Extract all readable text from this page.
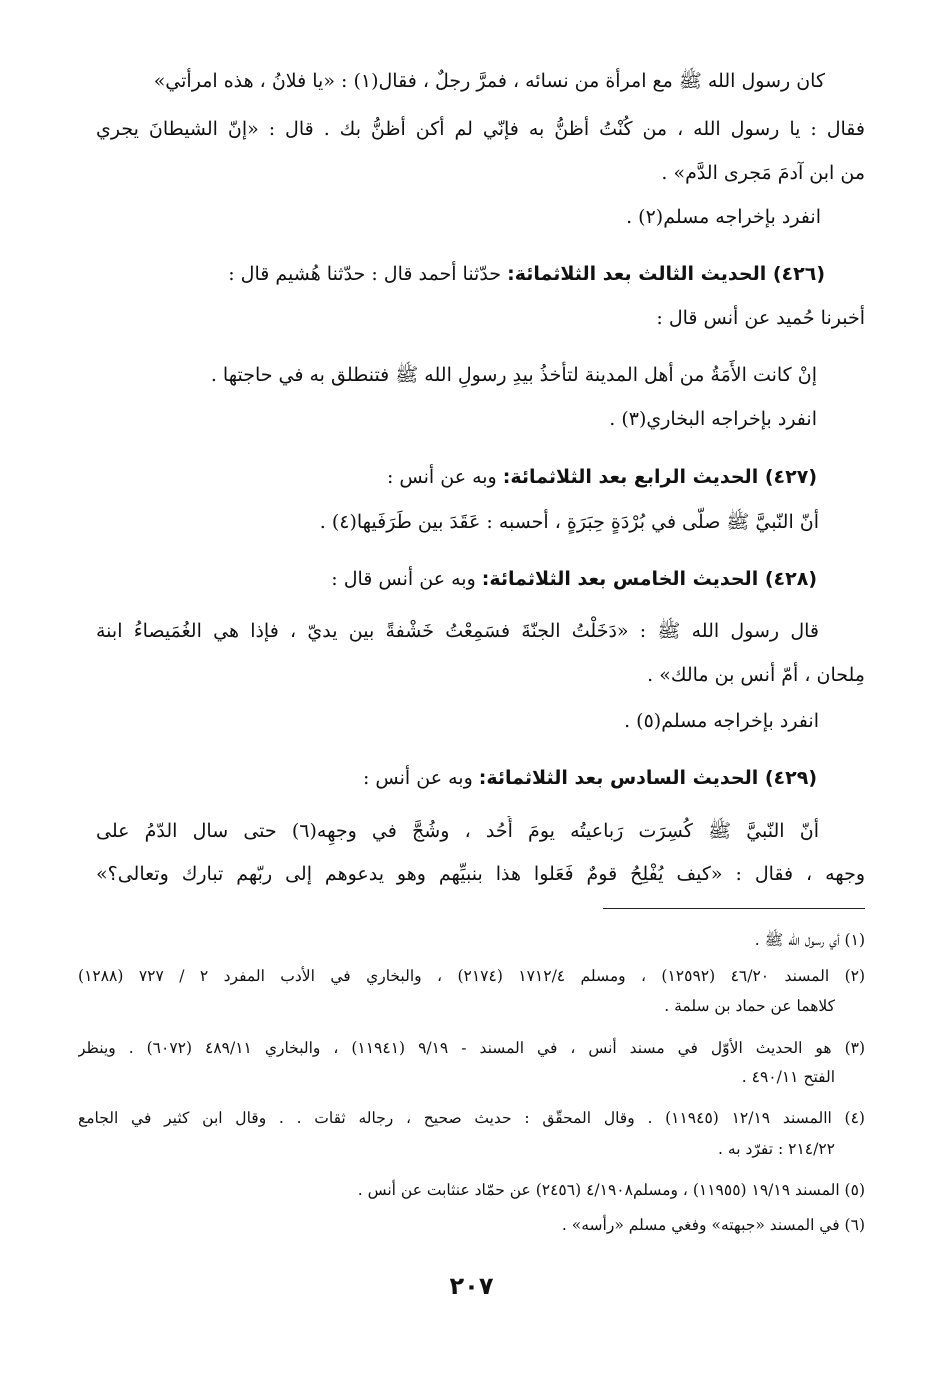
كان رسول الله ﷺ مع امرأة من نسائه ، فمرَّ رجلٌ ، فقال(١) : «يا فلانُ ، هذه امرأتي»
فقال : يا رسول الله ، من كُنْتُ أظنُّ به فإنّي لم أكن أظنُّ بك . قال : «إنّ الشيطانَ يجري
من ابن آدمَ مَجرى الدَّم» .
انفرد بإخراجه مسلم(٢) .
(٤٢٦) الحديث الثالث بعد الثلاثمائة: حدّثنا أحمد قال : حدّثنا هُشيم قال :
أخبرنا حُميد عن أنس قال :
إنْ كانت الأَمَةُ من أهل المدينة لتأخذُ بيدِ رسولِ الله ﷺ فتنطلق به في حاجتها .
انفرد بإخراجه البخاري(٣) .
(٤٢٧) الحديث الرابع بعد الثلاثمائة: وبه عن أنس :
أنّ النّبيَّ ﷺ صلّى في بُرْدَةٍ حِبَرَةٍ ، أحسبه : عَقَدَ بين طَرَفَيها(٤) .
(٤٢٨) الحديث الخامس بعد الثلاثمائة: وبه عن أنس قال :
قال رسول الله ﷺ : «دَخَلْتُ الجنّةَ فسَمِعْتُ خَشْفةً بين يديّ ، فإذا هي الغُمَيصاءُ ابنة
مِلحان ، أمّ أنس بن مالك» .
انفرد بإخراجه مسلم(٥) .
(٤٢٩) الحديث السادس بعد الثلاثمائة: وبه عن أنس :
أنّ النّبيَّ ﷺ كُسِرَت رَباعيتُه يومَ أُحُد ، وشُجَّ في وجهِه(٦) حتى سال الدّمُ على
وجهه ، فقال : «كيف يُفْلِحُ قومٌ فَعَلوا هذا بنبيِّهم وهو يدعوهم إلى ربّهم تبارك وتعالى؟»
(١) أي رسول الله ﷺ .
(٢) المسند ٤٦/٢٠ (١٢٥٩٢) ، ومسلم ١٧١٢/٤ (٢١٧٤) ، والبخاري في الأدب المفرد ٢ / ٧٢٧ (١٢٨٨)
كلاهما عن حماد بن سلمة .
(٣) هو الحديث الأوّل في مسند أنس ، في المسند - ٩/١٩ (١١٩٤١) ، والبخاري ٤٨٩/١١ (٦٠٧٢) . وينظر
الفتح ٤٩٠/١١ .
(٤) االمسند ١٢/١٩ (١١٩٤٥) . وقال المحقّق : حديث صحيح ، رجاله ثقات . . وقال ابن كثير في الجامع
٢١٤/٢٢ : تفرّد به .
(٥) المسند ١٩/١٩ (١١٩٥٥) ، ومسلم٤/١٩٠٨ (٢٤٥٦) عن حمّاد عنثابت عن أنس .
(٦) في المسند «جبهته» وفغي مسلم «رأسه» .
٢٠٧
